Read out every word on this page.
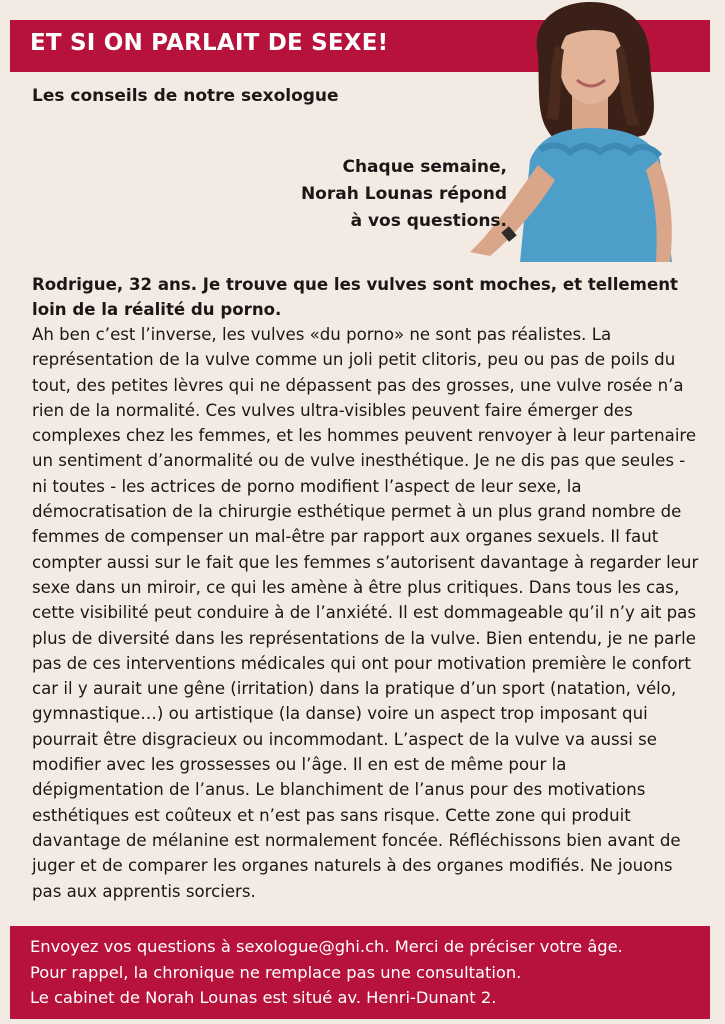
ET SI ON PARLAIT DE SEXE!
Les conseils de notre sexologue
Chaque semaine,
Norah Lounas répond
à vos questions.

Rodrigue, 32 ans. Je trouve que les vulves sont moches, et tellement loin de la réalité du porno.

Ah ben c’est l’inverse, les vulves «du porno» ne sont pas réalistes. La représentation de la vulve comme un joli petit clitoris, peu ou pas de poils du tout, des petites lèvres qui ne dépassent pas des grosses, une vulve rosée n’a rien de la normalité. Ces vulves ultra-visibles peuvent faire émerger des complexes chez les femmes, et les hommes peuvent renvoyer à leur partenaire un sentiment d’anormalité ou de vulve inesthétique. Je ne dis pas que seules - ni toutes - les actrices de porno modifient l’aspect de leur sexe, la démocratisation de la chirurgie esthétique permet à un plus grand nombre de femmes de compenser un mal-être par rapport aux organes sexuels. Il faut compter aussi sur le fait que les femmes s’autorisent davantage à regarder leur sexe dans un miroir, ce qui les amène à être plus critiques. Dans tous les cas, cette visibilité peut conduire à de l’anxiété. Il est dommageable qu’il n’y ait pas plus de diversité dans les représentations de la vulve. Bien entendu, je ne parle pas de ces interventions médicales qui ont pour motivation première le confort car il y aurait une gêne (irritation) dans la pratique d’un sport (natation, vélo, gymnastique…) ou artistique (la danse) voire un aspect trop imposant qui pourrait être disgracieux ou incommodant. L’aspect de la vulve va aussi se modifier avec les grossesses ou l’âge. Il en est de même pour la dépigmentation de l’anus. Le blanchiment de l’anus pour des motivations esthétiques est coûteux et n’est pas sans risque. Cette zone qui produit davantage de mélanine est normalement foncée. Réfléchissons bien avant de juger et de comparer les organes naturels à des organes modifiés. Ne jouons pas aux apprentis sorciers.

Envoyez vos questions à sexologue@ghi.ch. Merci de préciser votre âge.
Pour rappel, la chronique ne remplace pas une consultation.
Le cabinet de Norah Lounas est situé av. Henri-Dunant 2.
